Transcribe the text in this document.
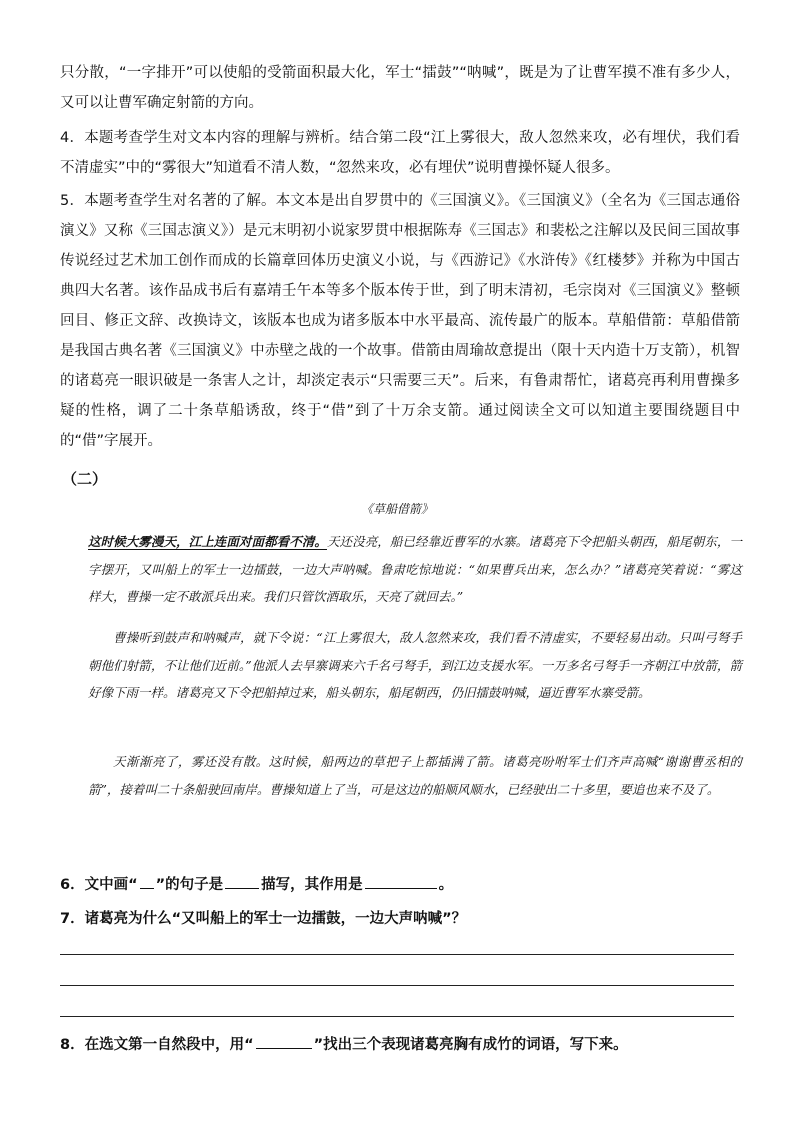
只分散，“一字排开”可以使船的受箭面积最大化，军士“擂鼓”“呐喊”，既是为了让曹军摸不准有多少人，又可以让曹军确定射箭的方向。

4．本题考查学生对文本内容的理解与辨析。结合第二段“江上雾很大，敌人忽然来攻，必有埋伏，我们看不清虚实”中的“雾很大”知道看不清人数，“忽然来攻，必有埋伏”说明曹操怀疑人很多。

5．本题考查学生对名著的了解。本文本是出自罗贯中的《三国演义》。《三国演义》（全名为《三国志通俗演义》又称《三国志演义》）是元末明初小说家罗贯中根据陈寿《三国志》和裴松之注解以及民间三国故事传说经过艺术加工创作而成的长篇章回体历史演义小说，与《西游记》《水浒传》《红楼梦》并称为中国古典四大名著。该作品成书后有嘉靖壬午本等多个版本传于世，到了明末清初，毛宗岗对《三国演义》整顿回目、修正文辞、改换诗文，该版本也成为诸多版本中水平最高、流传最广的版本。草船借箭：草船借箭是我国古典名著《三国演义》中赤壁之战的一个故事。借箭由周瑜故意提出（限十天内造十万支箭），机智的诸葛亮一眼识破是一条害人之计，却淡定表示“只需要三天”。后来，有鲁肃帮忙，诸葛亮再利用曹操多疑的性格，调了二十条草船诱敌，终于“借”到了十万余支箭。通过阅读全文可以知道主要围绕题目中的“借”字展开。

（二）

《草船借箭》

这时候大雾漫天，江上连面对面都看不清。天还没亮，船已经靠近曹军的水寨。诸葛亮下令把船头朝西，船尾朝东，一字摆开，又叫船上的军士一边擂鼓，一边大声呐喊。鲁肃吃惊地说：“如果曹兵出来，怎么办？”诸葛亮笑着说：“雾这样大，曹操一定不敢派兵出来。我们只管饮酒取乐，天亮了就回去。”

曹操听到鼓声和呐喊声，就下令说：“江上雾很大，敌人忽然来攻，我们看不清虚实，不要轻易出动。只叫弓弩手朝他们射箭，不让他们近前。”他派人去旱寨调来六千名弓弩手，到江边支援水军。一万多名弓弩手一齐朝江中放箭，箭好像下雨一样。诸葛亮又下令把船掉过来，船头朝东，船尾朝西，仍旧擂鼓呐喊，逼近曹军水寨受箭。

天渐渐亮了，雾还没有散。这时候，船两边的草把子上都插满了箭。诸葛亮吩咐军士们齐声高喊“谢谢曹丞相的箭”，接着叫二十条船驶回南岸。曹操知道上了当，可是这边的船顺风顺水，已经驶出二十多里，要追也来不及了。

6．文中画“ ”的句子是	描写，其作用是	。

7．诸葛亮为什么“又叫船上的军士一边擂鼓，一边大声呐喊”？

8．在选文第一自然段中，用“	”找出三个表现诸葛亮胸有成竹的词语，写下来。
